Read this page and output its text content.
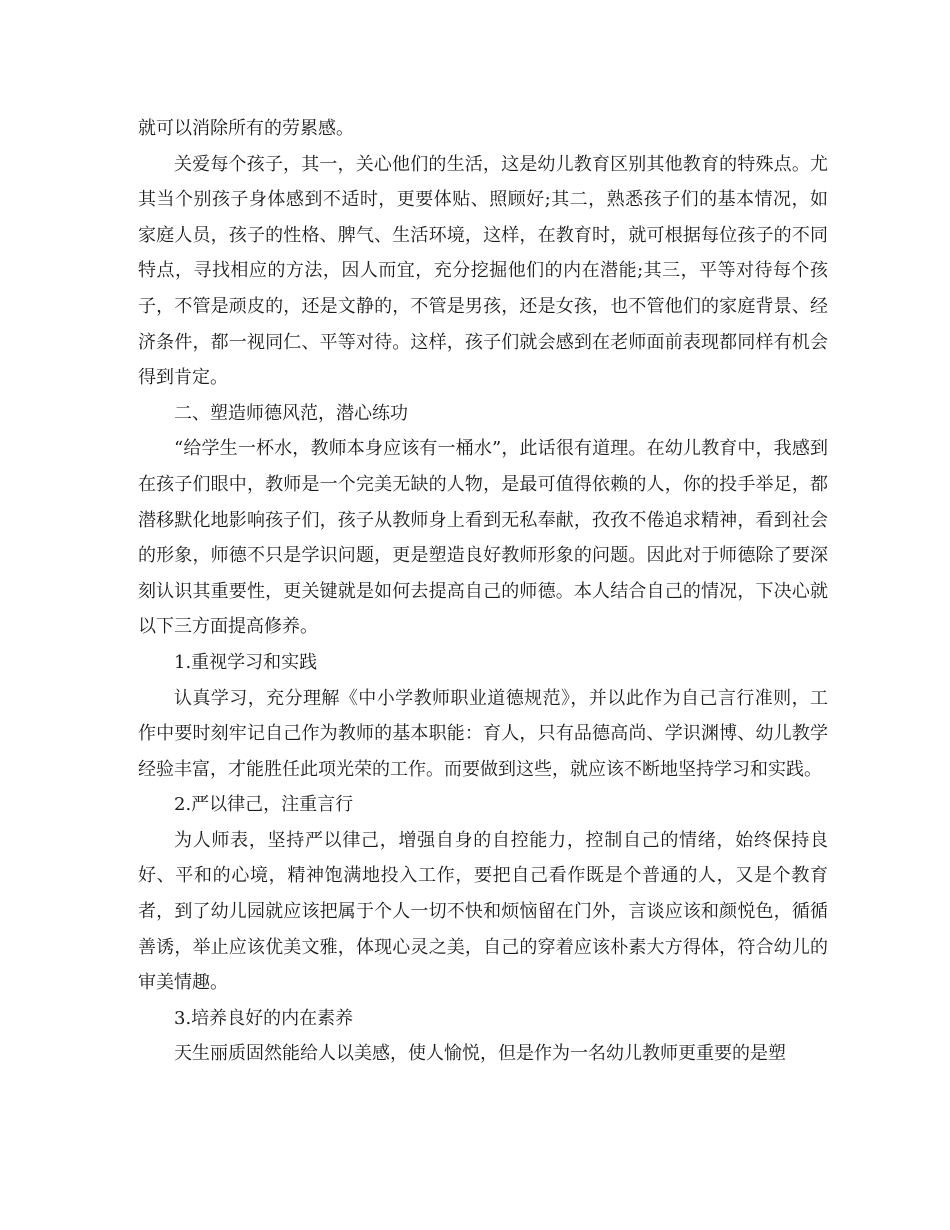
就可以消除所有的劳累感。

关爱每个孩子，其一，关心他们的生活，这是幼儿教育区别其他教育的特殊点。尤其当个别孩子身体感到不适时，更要体贴、照顾好;其二，熟悉孩子们的基本情况，如家庭人员，孩子的性格、脾气、生活环境，这样，在教育时，就可根据每位孩子的不同特点，寻找相应的方法，因人而宜，充分挖掘他们的内在潜能;其三，平等对待每个孩子，不管是顽皮的，还是文静的，不管是男孩，还是女孩，也不管他们的家庭背景、经济条件，都一视同仁、平等对待。这样，孩子们就会感到在老师面前表现都同样有机会得到肯定。

二、塑造师德风范，潜心练功

“给学生一杯水，教师本身应该有一桶水”，此话很有道理。在幼儿教育中，我感到在孩子们眼中，教师是一个完美无缺的人物，是最可值得依赖的人，你的投手举足，都潜移默化地影响孩子们，孩子从教师身上看到无私奉献，孜孜不倦追求精神，看到社会的形象，师德不只是学识问题，更是塑造良好教师形象的问题。因此对于师德除了要深刻认识其重要性，更关键就是如何去提高自己的师德。本人结合自己的情况，下决心就以下三方面提高修养。

1.重视学习和实践

认真学习，充分理解《中小学教师职业道德规范》，并以此作为自己言行准则，工作中要时刻牢记自己作为教师的基本职能：育人，只有品德高尚、学识渊博、幼儿教学经验丰富，才能胜任此项光荣的工作。而要做到这些，就应该不断地坚持学习和实践。

2.严以律己，注重言行

为人师表，坚持严以律己，增强自身的自控能力，控制自己的情绪，始终保持良好、平和的心境，精神饱满地投入工作，要把自己看作既是个普通的人，又是个教育者，到了幼儿园就应该把属于个人一切不快和烦恼留在门外，言谈应该和颜悦色，循循善诱，举止应该优美文雅，体现心灵之美，自己的穿着应该朴素大方得体，符合幼儿的审美情趣。

3.培养良好的内在素养

天生丽质固然能给人以美感，使人愉悦，但是作为一名幼儿教师更重要的是塑
